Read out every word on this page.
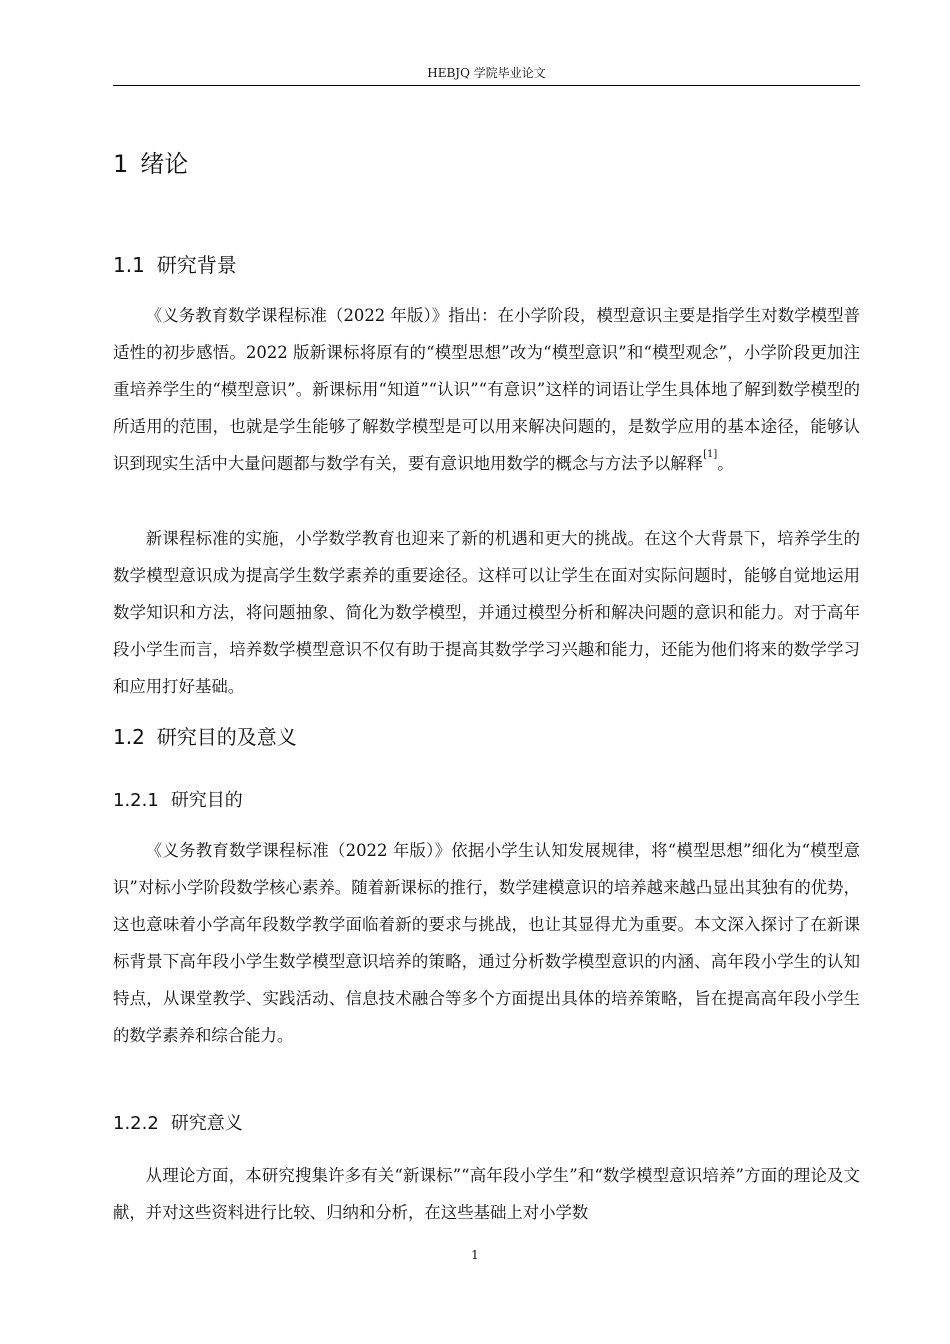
HEBJQ 学院毕业论文
1 绪论
1.1 研究背景

《义务教育数学课程标准（2022 年版）》指出：在小学阶段，模型意识主要是指学生对数学模型普适性的初步感悟。2022 版新课标将原有的“模型思想”改为“模型意识”和“模型观念”，小学阶段更加注重培养学生的“模型意识”。新课标用“知道”“认识”“有意识”这样的词语让学生具体地了解到数学模型的所适用的范围，也就是学生能够了解数学模型是可以用来解决问题的，是数学应用的基本途径，能够认识到现实生活中大量问题都与数学有关，要有意识地用数学的概念与方法予以解释[1]。

新课程标准的实施，小学数学教育也迎来了新的机遇和更大的挑战。在这个大背景下，培养学生的数学模型意识成为提高学生数学素养的重要途径。这样可以让学生在面对实际问题时，能够自觉地运用数学知识和方法，将问题抽象、简化为数学模型，并通过模型分析和解决问题的意识和能力。对于高年段小学生而言，培养数学模型意识不仅有助于提高其数学学习兴趣和能力，还能为他们将来的数学学习和应用打好基础。

1.2 研究目的及意义
1.2.1 研究目的

《义务教育数学课程标准（2022 年版）》依据小学生认知发展规律，将“模型思想”细化为“模型意识”对标小学阶段数学核心素养。随着新课标的推行，数学建模意识的培养越来越凸显出其独有的优势，这也意味着小学高年段数学教学面临着新的要求与挑战，也让其显得尤为重要。本文深入探讨了在新课标背景下高年段小学生数学模型意识培养的策略，通过分析数学模型意识的内涵、高年段小学生的认知特点，从课堂教学、实践活动、信息技术融合等多个方面提出具体的培养策略，旨在提高高年段小学生的数学素养和综合能力。

1.2.2 研究意义

从理论方面，本研究搜集许多有关“新课标”“高年段小学生”和“数学模型意识培养”方面的理论及文献，并对这些资料进行比较、归纳和分析，在这些基础上对小学数

1
